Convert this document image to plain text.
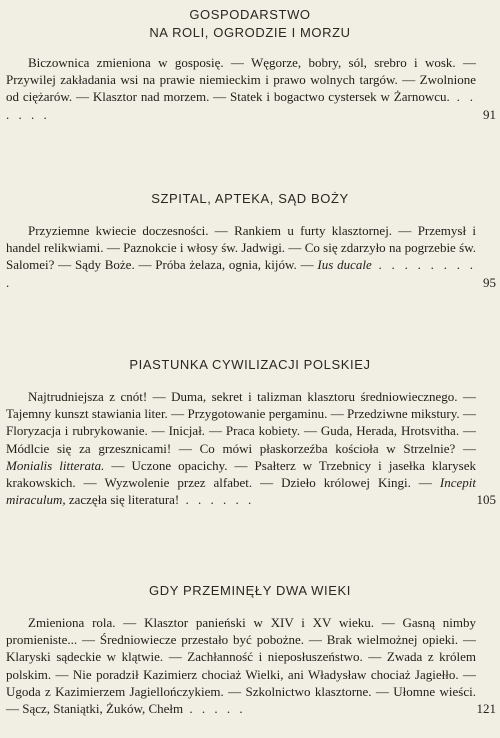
GOSPODARSTWO
NA ROLI, OGRODZIE I MORZU

Biczownica zmieniona w gosposię. — Węgorze, bobry, sól, srebro i wosk. — Przywilej zakładania wsi na prawie niemieckim i prawo wolnych targów. — Zwolnione od ciężarów. — Klasztor nad morzem. — Statek i bogactwo cystersek w Żarnowcu. . . . . . .	91
SZPITAL, APTEKA, SĄD BOŻY

Przyziemne kwiecie doczesności. — Rankiem u furty klasztornej. — Przemysł i handel relikwiami. — Paznokcie i włosy św. Jadwigi. — Co się zdarzyło na pogrzebie św. Salomei? — Sądy Boże. — Próba żelaza, ognia, kijów. — Ius ducale . . . . . . . . .	95
PIASTUNKA CYWILIZACJI POLSKIEJ

Najtrudniejsza z cnót! — Duma, sekret i talizman klasztoru średniowiecznego. — Tajemny kunszt stawiania liter. — Przygotowanie pergaminu. — Przedziwne mikstury. — Floryzacja i rubrykowanie. — Inicjał. — Praca kobiety. — Guda, Herada, Hrotsvitha. — Módlcie się za grzesznicami! — Co mówi płaskorzeźba kościoła w Strzelnie? — Monialis litterata. — Uczone opacichy. — Psałterz w Trzebnicy i jasełka klarysek krakowskich. — Wyzwolenie przez alfabet. — Dzieło królowej Kingi. — Incepit miraculum, zaczęła się literatura! . . . . . .	105
GDY PRZEMINĘŁY DWA WIEKI

Zmieniona rola. — Klasztor panieński w XIV i XV wieku. — Gasną nimby promieniste... — Średniowiecze przestało być pobożne. — Brak wielmożnej opieki. — Klaryski sądeckie w klątwie. — Zachłanność i nieposłuszeństwo. — Zwada z królem polskim. — Nie poradził Kazimierz chociaż Wielki, ani Władysław chociaż Jagiełło. — Ugoda z Kazimierzem Jagiellończykiem. — Szkolnictwo klasztorne. — Ułomne wieści. — Sącz, Staniątki, Żuków, Chełm . . . . .	121
